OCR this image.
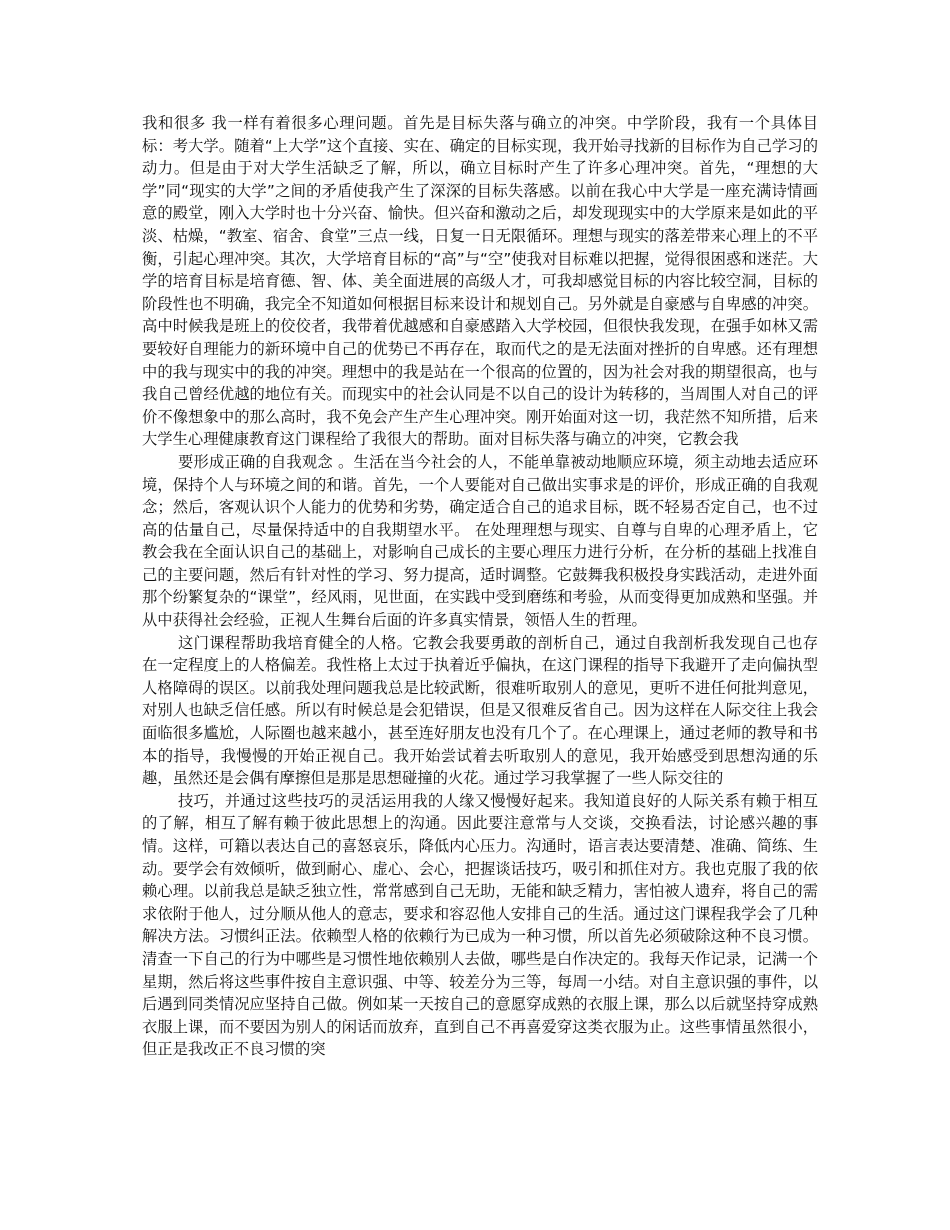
我和很多 我一样有着很多心理问题。首先是目标失落与确立的冲突。中学阶段，我有一个具体目标：考大学。随着“上大学”这个直接、实在、确定的目标实现，我开始寻找新的目标作为自己学习的动力。但是由于对大学生活缺乏了解，所以，确立目标时产生了许多心理冲突。首先，“理想的大学”同“现实的大学”之间的矛盾使我产生了深深的目标失落感。以前在我心中大学是一座充满诗情画意的殿堂，刚入大学时也十分兴奋、愉快。但兴奋和激动之后，却发现现实中的大学原来是如此的平淡、枯燥，“教室、宿舍、食堂”三点一线，日复一日无限循环。理想与现实的落差带来心理上的不平衡，引起心理冲突。其次，大学培育目标的“高”与“空”使我对目标难以把握，觉得很困惑和迷茫。大学的培育目标是培育德、智、体、美全面进展的高级人才，可我却感觉目标的内容比较空洞，目标的阶段性也不明确，我完全不知道如何根据目标来设计和规划自己。另外就是自豪感与自卑感的冲突。高中时候我是班上的佼佼者，我带着优越感和自豪感踏入大学校园，但很快我发现，在强手如林又需要较好自理能力的新环境中自己的优势已不再存在，取而代之的是无法面对挫折的自卑感。还有理想中的我与现实中的我的冲突。理想中的我是站在一个很高的位置的，因为社会对我的期望很高，也与我自己曾经优越的地位有关。而现实中的社会认同是不以自己的设计为转移的，当周围人对自己的评价不像想象中的那么高时，我不免会产生产生心理冲突。刚开始面对这一切，我茫然不知所措，后来大学生心理健康教育这门课程给了我很大的帮助。面对目标失落与确立的冲突，它教会我

要形成正确的自我观念 。生活在当今社会的人，不能单靠被动地顺应环境，须主动地去适应环境，保持个人与环境之间的和谐。首先，一个人要能对自己做出实事求是的评价，形成正确的自我观念；然后，客观认识个人能力的优势和劣势，确定适合自己的追求目标，既不轻易否定自己，也不过高的估量自己，尽量保持适中的自我期望水平。 在处理理想与现实、自尊与自卑的心理矛盾上，它教会我在全面认识自己的基础上，对影响自己成长的主要心理压力进行分析，在分析的基础上找准自己的主要问题，然后有针对性的学习、努力提高，适时调整。它鼓舞我积极投身实践活动，走进外面那个纷繁复杂的“课堂”，经风雨，见世面，在实践中受到磨练和考验，从而变得更加成熟和坚强。并从中获得社会经验，正视人生舞台后面的许多真实情景，领悟人生的哲理。

这门课程帮助我培育健全的人格。它教会我要勇敢的剖析自己，通过自我剖析我发现自己也存在一定程度上的人格偏差。我性格上太过于执着近乎偏执，在这门课程的指导下我避开了走向偏执型人格障碍的误区。以前我处理问题我总是比较武断，很难听取别人的意见，更听不进任何批判意见，对别人也缺乏信任感。所以有时候总是会犯错误，但是又很难反省自己。因为这样在人际交往上我会面临很多尴尬，人际圈也越来越小，甚至连好朋友也没有几个了。在心理课上，通过老师的教导和书本的指导，我慢慢的开始正视自己。我开始尝试着去听取别人的意见，我开始感受到思想沟通的乐趣，虽然还是会偶有摩擦但是那是思想碰撞的火花。通过学习我掌握了一些人际交往的

技巧，并通过这些技巧的灵活运用我的人缘又慢慢好起来。我知道良好的人际关系有赖于相互的了解，相互了解有赖于彼此思想上的沟通。因此要注意常与人交谈，交换看法，讨论感兴趣的事情。这样，可籍以表达自己的喜怒哀乐，降低内心压力。沟通时，语言表达要清楚、准确、简练、生动。要学会有效倾听，做到耐心、虚心、会心，把握谈话技巧，吸引和抓住对方。我也克服了我的依赖心理。以前我总是缺乏独立性，常常感到自己无助，无能和缺乏精力，害怕被人遗弃，将自己的需求依附于他人，过分顺从他人的意志，要求和容忍他人安排自己的生活。通过这门课程我学会了几种解决方法。习惯纠正法。依赖型人格的依赖行为已成为一种习惯，所以首先必须破除这种不良习惯。清查一下自己的行为中哪些是习惯性地依赖别人去做，哪些是白作决定的。我每天作记录，记满一个星期，然后将这些事件按自主意识强、中等、较差分为三等，每周一小结。对自主意识强的事件，以后遇到同类情况应坚持自己做。例如某一天按自己的意愿穿成熟的衣服上课，那么以后就坚持穿成熟衣服上课，而不要因为别人的闲话而放弃，直到自己不再喜爱穿这类衣服为止。这些事情虽然很小，但正是我改正不良习惯的突
